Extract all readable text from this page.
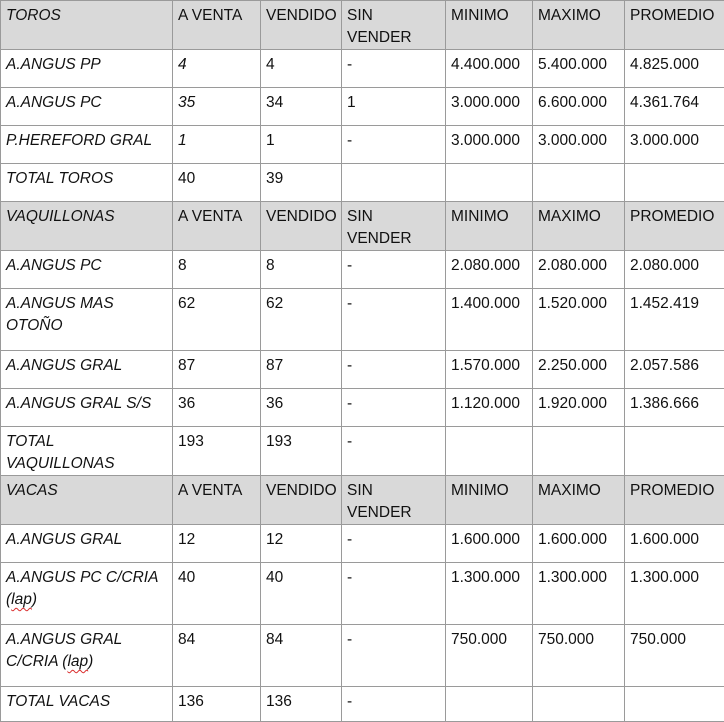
TOROS	A VENTA	VENDIDO	SIN VENDER	MINIMO	MAXIMO	PROMEDIO
A.ANGUS PP	4	4	-	4.400.000	5.400.000	4.825.000
A.ANGUS PC	35	34	1	3.000.000	6.600.000	4.361.764
P.HEREFORD GRAL	1	1	-	3.000.000	3.000.000	3.000.000
TOTAL TOROS	40	39				
VAQUILLONAS	A VENTA	VENDIDO	SIN VENDER	MINIMO	MAXIMO	PROMEDIO
A.ANGUS PC	8	8	-	2.080.000	2.080.000	2.080.000
A.ANGUS MAS OTOÑO	62	62	-	1.400.000	1.520.000	1.452.419
A.ANGUS GRAL	87	87	-	1.570.000	2.250.000	2.057.586
A.ANGUS GRAL S/S	36	36	-	1.120.000	1.920.000	1.386.666
TOTAL VAQUILLONAS	193	193	-			
VACAS	A VENTA	VENDIDO	SIN VENDER	MINIMO	MAXIMO	PROMEDIO
A.ANGUS GRAL	12	12	-	1.600.000	1.600.000	1.600.000
A.ANGUS PC C/CRIA (lap)	40	40	-	1.300.000	1.300.000	1.300.000
A.ANGUS GRAL C/CRIA (lap)	84	84	-	750.000	750.000	750.000
TOTAL VACAS	136	136	-			
